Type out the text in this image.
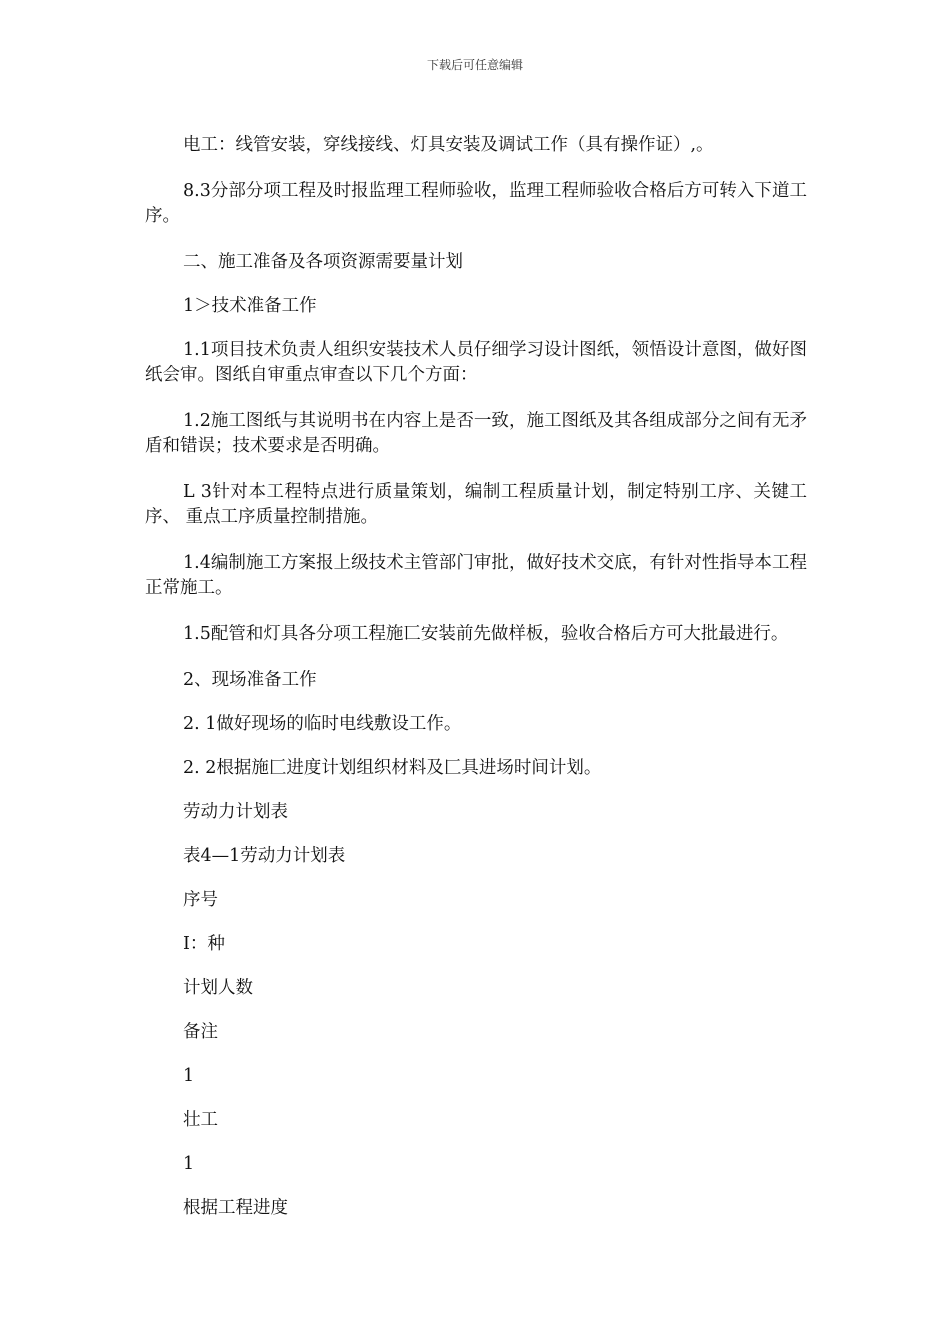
下载后可任意编辑

电工：线管安装，穿线接线、灯具安装及调试工作（具有操作证）,。

8.3分部分项工程及时报监理工程师验收，监理工程师验收合格后方可转入下道工 序。

二、施工准备及各项资源需要量计划

1＞技术准备工作

1.1项目技术负责人组织安装技术人员仔细学习设计图纸，领悟设计意图，做好图 纸会审。图纸自审重点审查以下几个方面：

1.2施工图纸与其说明书在内容上是否一致，施工图纸及其各组成部分之间有无矛 盾和错误；技术要求是否明确。

L 3针对本工程特点进行质量策划，编制工程质量计划，制定特别工序、关键工序、 重点工序质量控制措施。

1.4编制施工方案报上级技术主管部门审批，做好技术交底，有针对性指导本工程 正常施工。

1.5配管和灯具各分项工程施匸安装前先做样板，验收合格后方可大批最进行。

2、现场准备工作

2. 1做好现场的临时电线敷设工作。

2. 2根据施匚进度计划组织材料及匚具进场时间计划。

劳动力计划表

表4—1劳动力计划表

序号

I：种

计划人数

备注

1

壮工

1

根据工程进度
